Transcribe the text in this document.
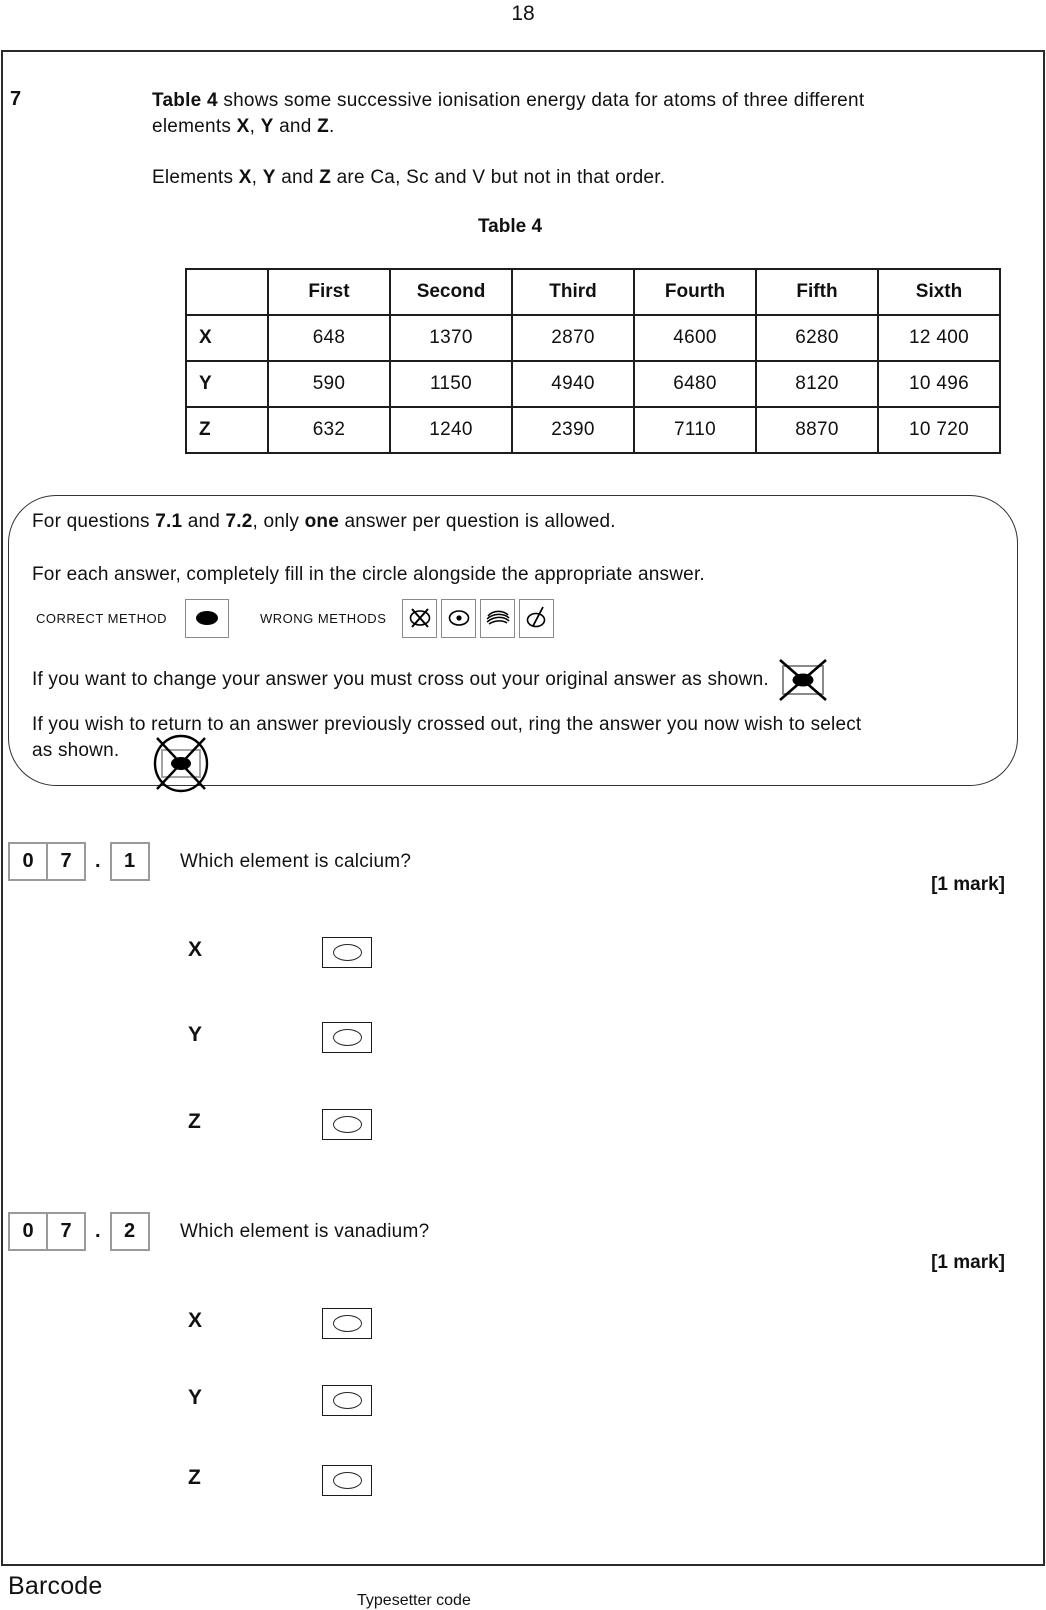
18
7	Table 4 shows some successive ionisation energy data for atoms of three different
elements X, Y and Z.
Elements X, Y and Z are Ca, Sc and V but not in that order.
Table 4
	First	Second	Third	Fourth	Fifth	Sixth
X	648	1370	2870	4600	6280	12 400
Y	590	1150	4940	6480	8120	10 496
Z	632	1240	2390	7110	8870	10 720
For questions 7.1 and 7.2, only one answer per question is allowed.
For each answer, completely fill in the circle alongside the appropriate answer.
CORRECT METHOD	WRONG METHODS
If you want to change your answer you must cross out your original answer as shown.
If you wish to return to an answer previously crossed out, ring the answer you now wish to select
as shown.
0	7	.	1	Which element is calcium?
[1 mark]
X
Y
Z
0	7	.	2	Which element is vanadium?
[1 mark]
X
Y
Z
Barcode
Typesetter code
